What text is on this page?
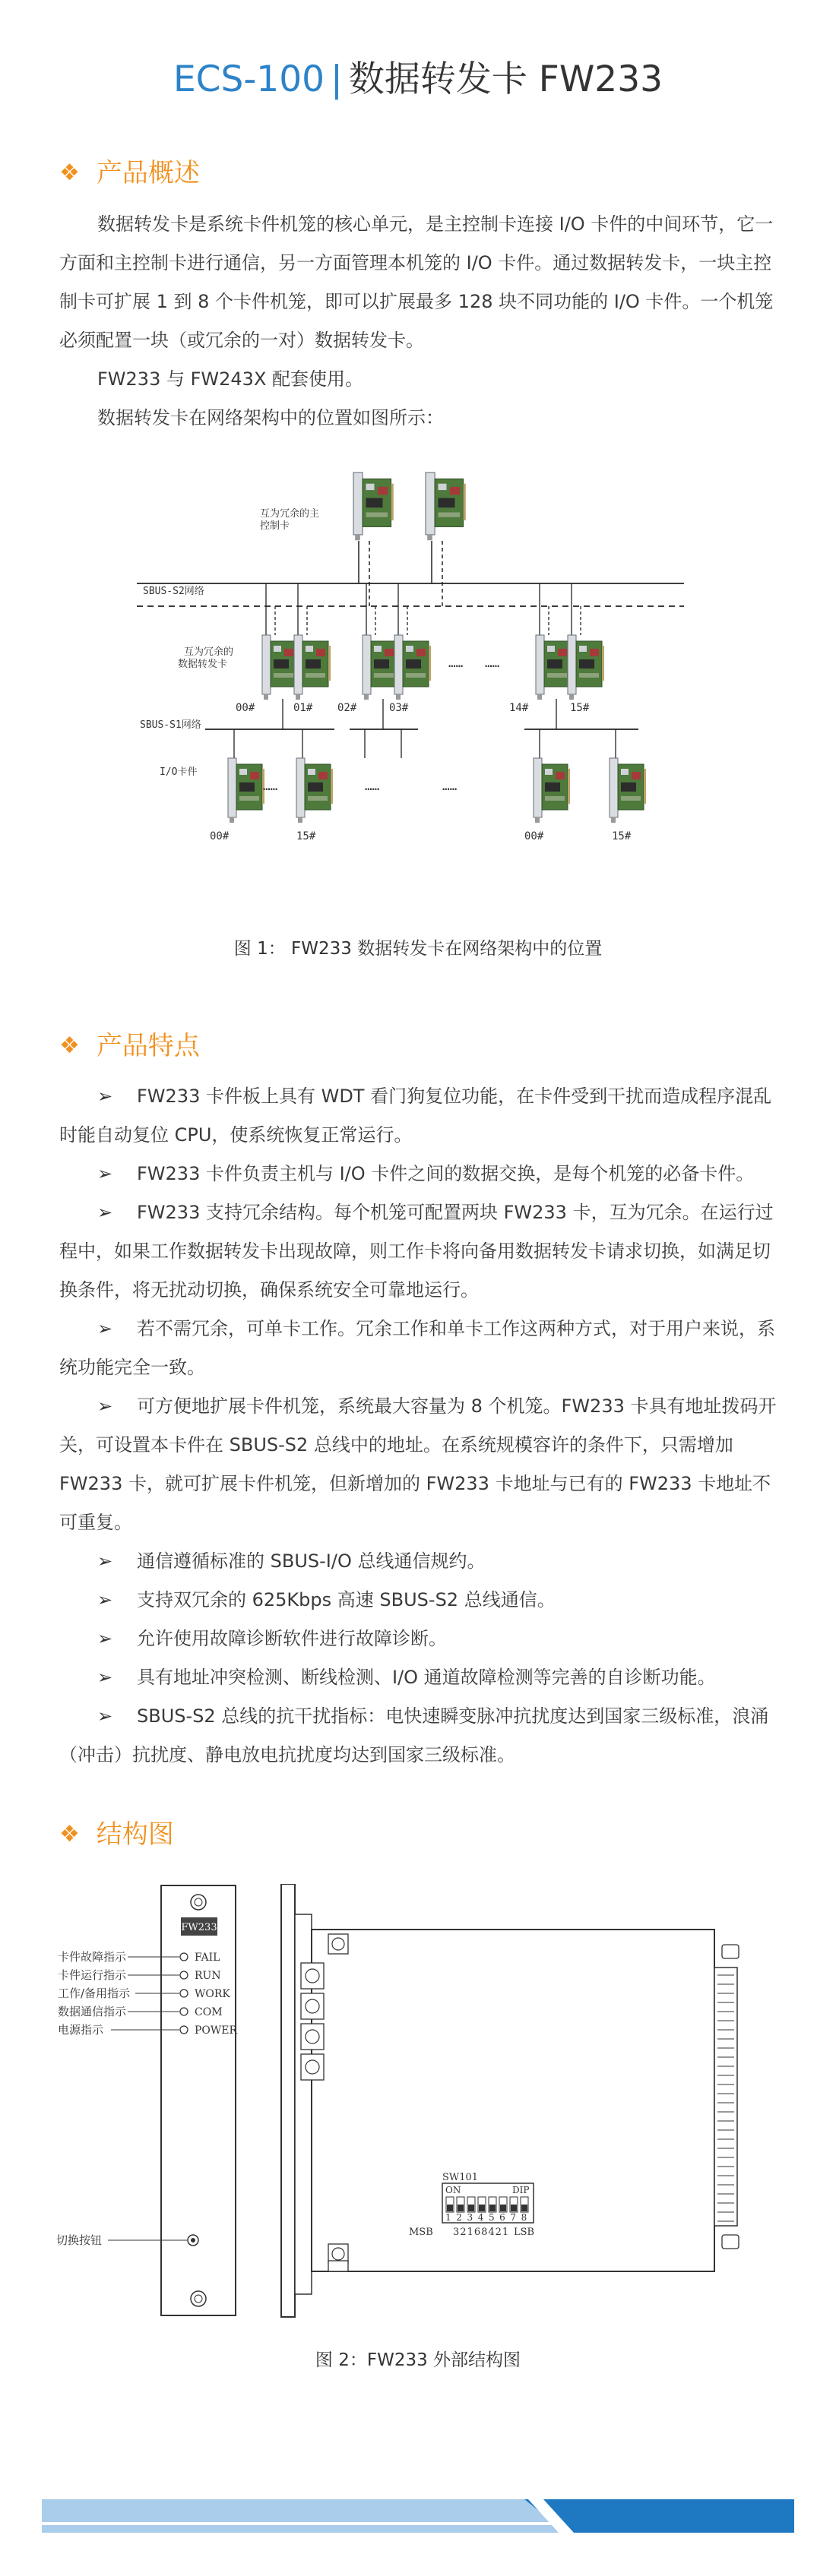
ECS-100 | 数据转发卡 FW233
❖ 产品概述

数据转发卡是系统卡件机笼的核心单元，是主控制卡连接 I/O 卡件的中间环节，它一方面和主控制卡进行通信，另一方面管理本机笼的 I/O 卡件。通过数据转发卡，一块主控制卡可扩展 1 到 8 个卡件机笼，即可以扩展最多 128 块不同功能的 I/O 卡件。一个机笼必须配置一块（或冗余的一对）数据转发卡。

FW233 与 FW243X 配套使用。

数据转发卡在网络架构中的位置如图所示：

互为冗余的主
控制卡
SBUS-S2网络
互为冗余的
数据转发卡	…… ……
00#	01# 02#	03#	14#	15#
SBUS-S1网络
I/O卡件
……	……	……
00#	15#	00#	15#
图 1： FW233 数据转发卡在网络架构中的位置
❖ 产品特点

➢ FW233 卡件板上具有 WDT 看门狗复位功能，在卡件受到干扰而造成程序混乱时能自动复位 CPU，使系统恢复正常运行。

➢ FW233 卡件负责主机与 I/O 卡件之间的数据交换，是每个机笼的必备卡件。

➢ FW233 支持冗余结构。每个机笼可配置两块 FW233 卡，互为冗余。在运行过程中，如果工作数据转发卡出现故障，则工作卡将向备用数据转发卡请求切换，如满足切换条件，将无扰动切换，确保系统安全可靠地运行。

➢ 若不需冗余，可单卡工作。冗余工作和单卡工作这两种方式，对于用户来说，系统功能完全一致。

➢ 可方便地扩展卡件机笼，系统最大容量为 8 个机笼。FW233 卡具有地址拨码开关，可设置本卡件在 SBUS-S2 总线中的地址。在系统规模容许的条件下，只需增加 FW233 卡，就可扩展卡件机笼，但新增加的 FW233 卡地址与已有的 FW233 卡地址不可重复。

➢ 通信遵循标准的 SBUS-I/O 总线通信规约。

➢ 支持双冗余的 625Kbps 高速 SBUS-S2 总线通信。

➢ 允许使用故障诊断软件进行故障诊断。

➢ 具有地址冲突检测、断线检测、I/O 通道故障检测等完善的自诊断功能。

➢ SBUS-S2 总线的抗干扰指标：电快速瞬变脉冲抗扰度达到国家三级标准，浪涌（冲击）抗扰度、静电放电抗扰度均达到国家三级标准。

❖ 结构图
FW233
FAIL
RUN
WORK
COM
POWER
卡件故障指示
卡件运行指示
工作/备用指示
数据通信指示
电源指示
切换按钮
SW101
ON	DIP
12345678
MSB 32168421 LSB
图 2：FW233 外部结构图
